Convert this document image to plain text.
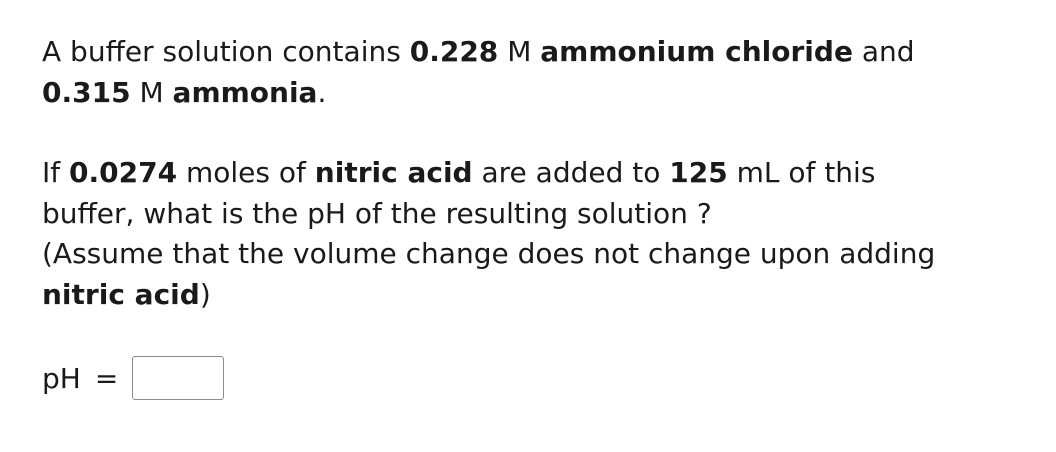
A buffer solution contains 0.228 M ammonium chloride and
0.315 M ammonia.

If 0.0274 moles of nitric acid are added to 125 mL of this
buffer, what is the pH of the resulting solution ?
(Assume that the volume change does not change upon adding
nitric acid)

pH =
